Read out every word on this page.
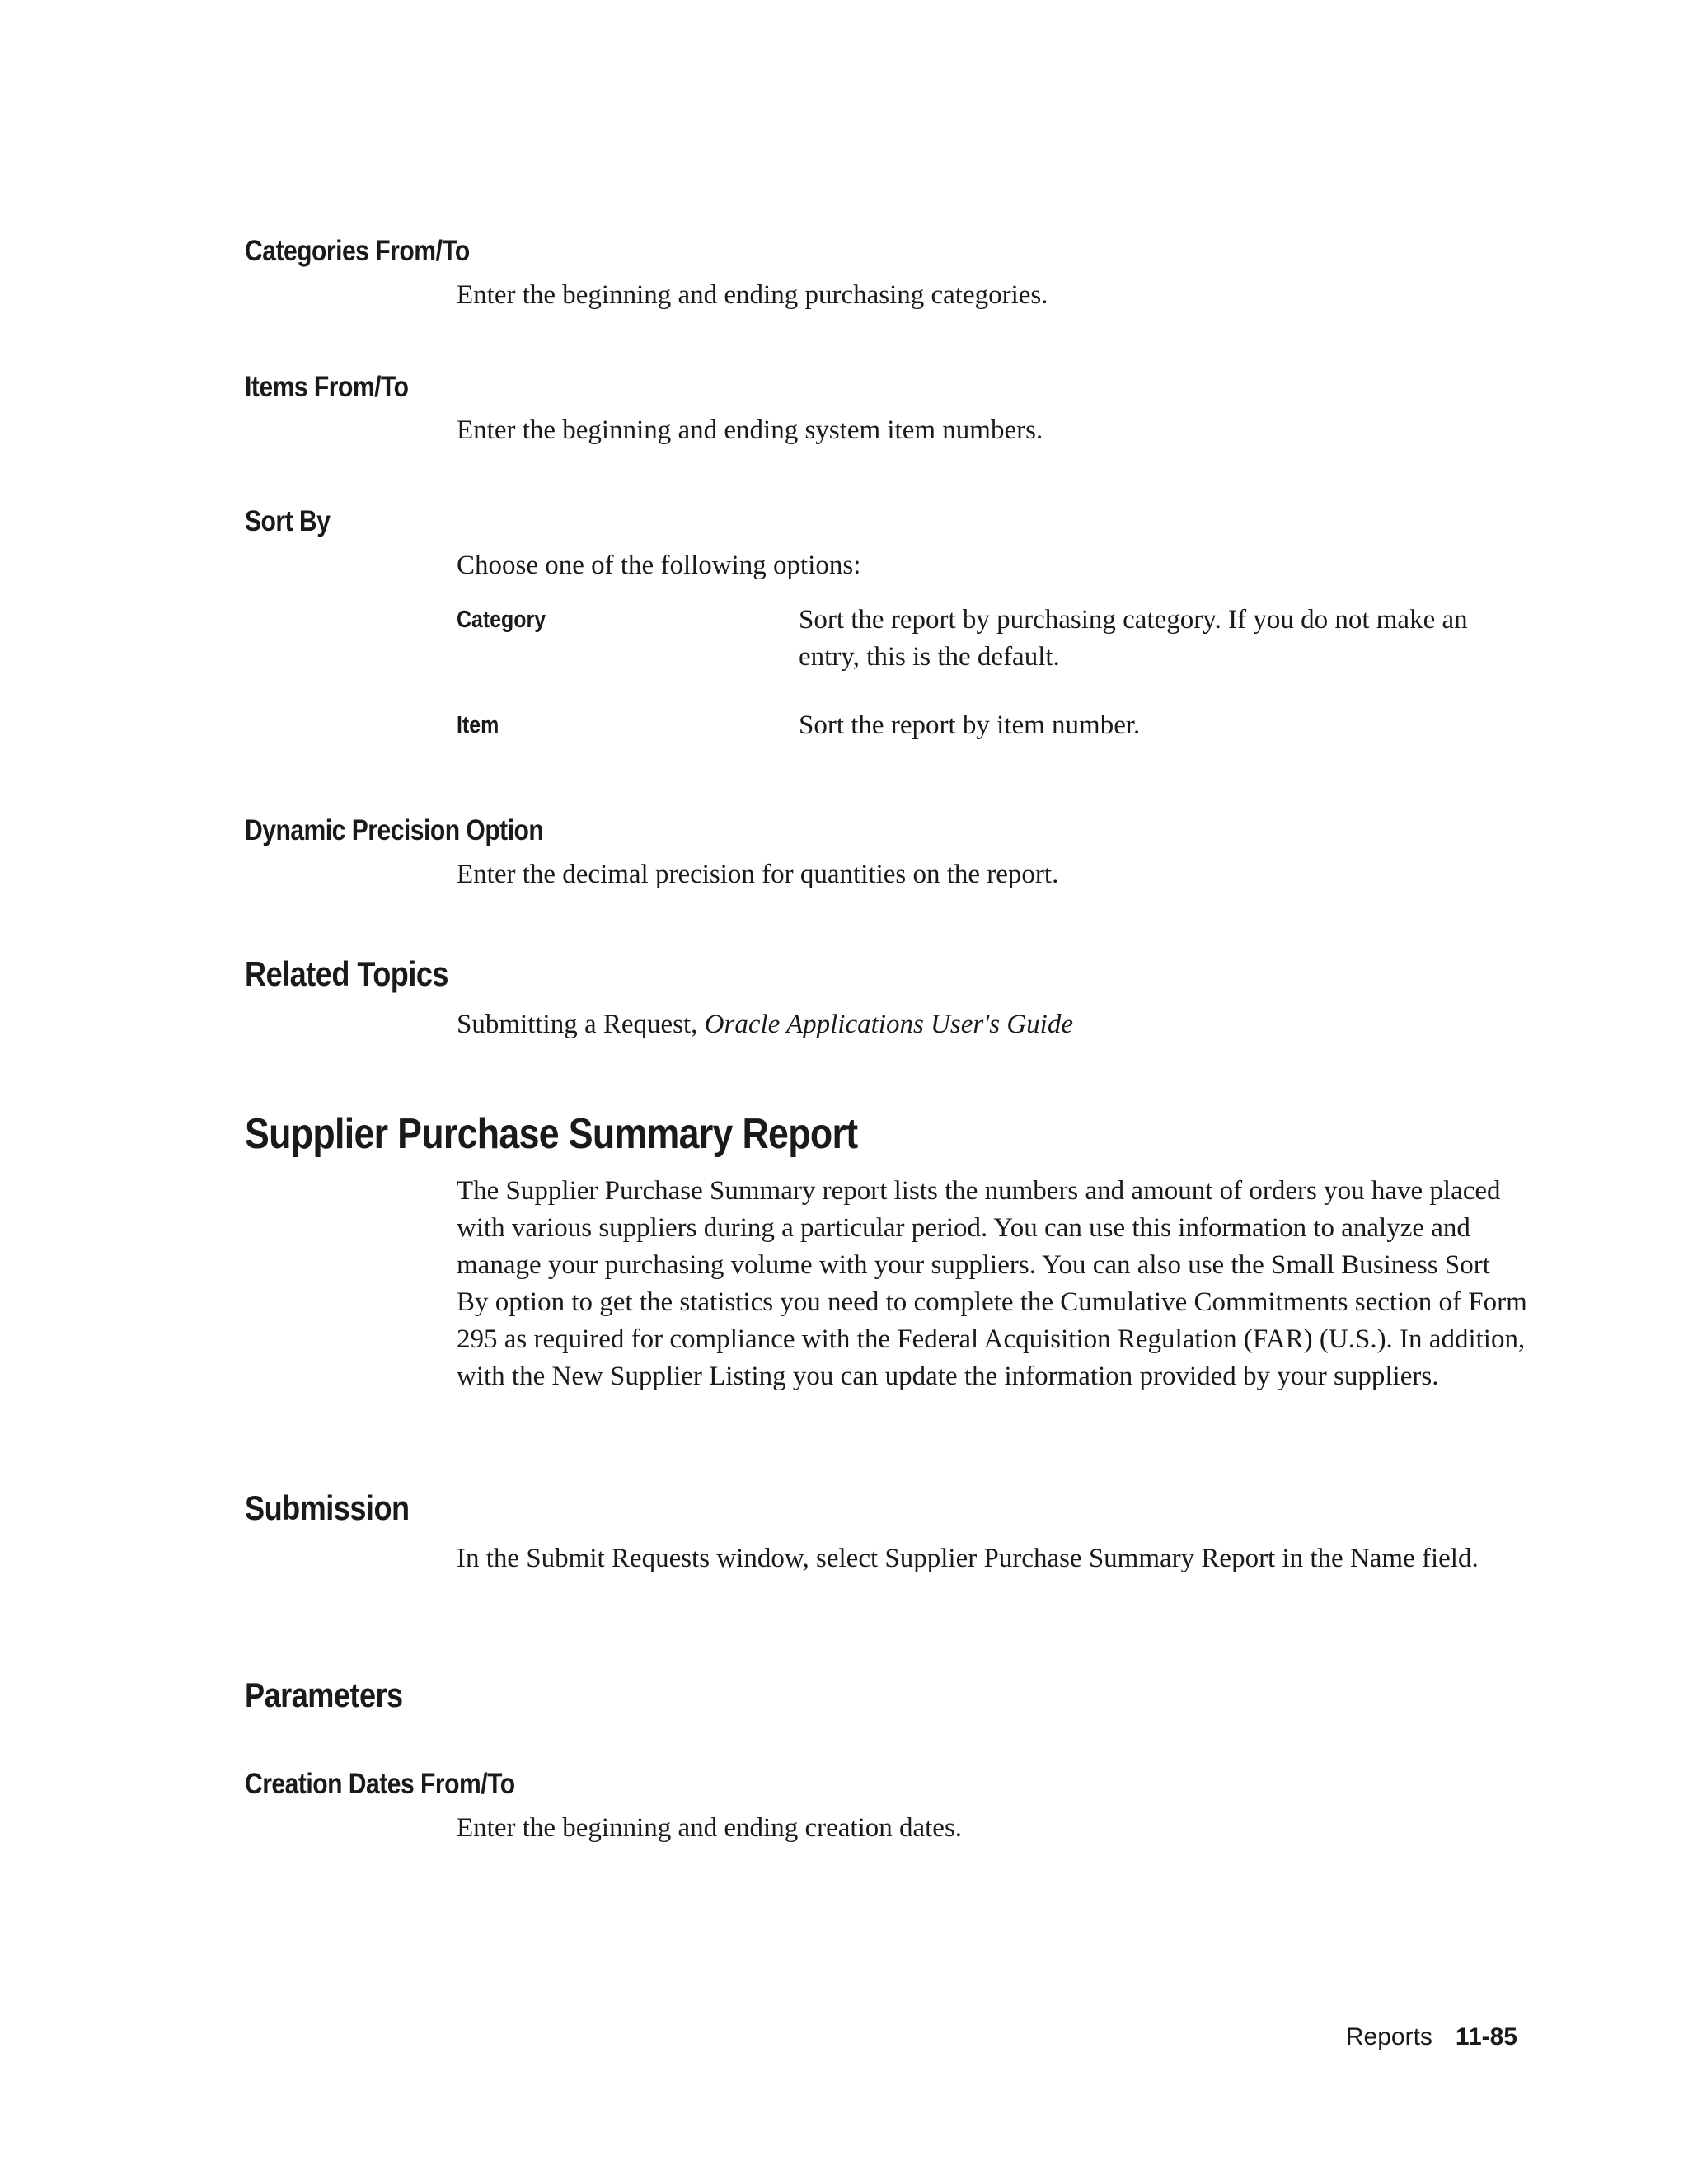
Categories From/To

Enter the beginning and ending purchasing categories.

Items From/To

Enter the beginning and ending system item numbers.

Sort By

Choose one of the following options:

Category	Sort the report by purchasing category. If you do not make an entry, this is the default.

Item	Sort the report by item number.

Dynamic Precision Option

Enter the decimal precision for quantities on the report.

Related Topics

Submitting a Request, Oracle Applications User's Guide

Supplier Purchase Summary Report

The Supplier Purchase Summary report lists the numbers and amount of orders you have placed with various suppliers during a particular period. You can use this information to analyze and manage your purchasing volume with your suppliers. You can also use the Small Business Sort By option to get the statistics you need to complete the Cumulative Commitments section of Form 295 as required for compliance with the Federal Acquisition Regulation (FAR) (U.S.). In addition, with the New Supplier Listing you can update the information provided by your suppliers.

Submission

In the Submit Requests window, select Supplier Purchase Summary Report in the Name field.

Parameters
Creation Dates From/To

Enter the beginning and ending creation dates.

Reports 11-85
